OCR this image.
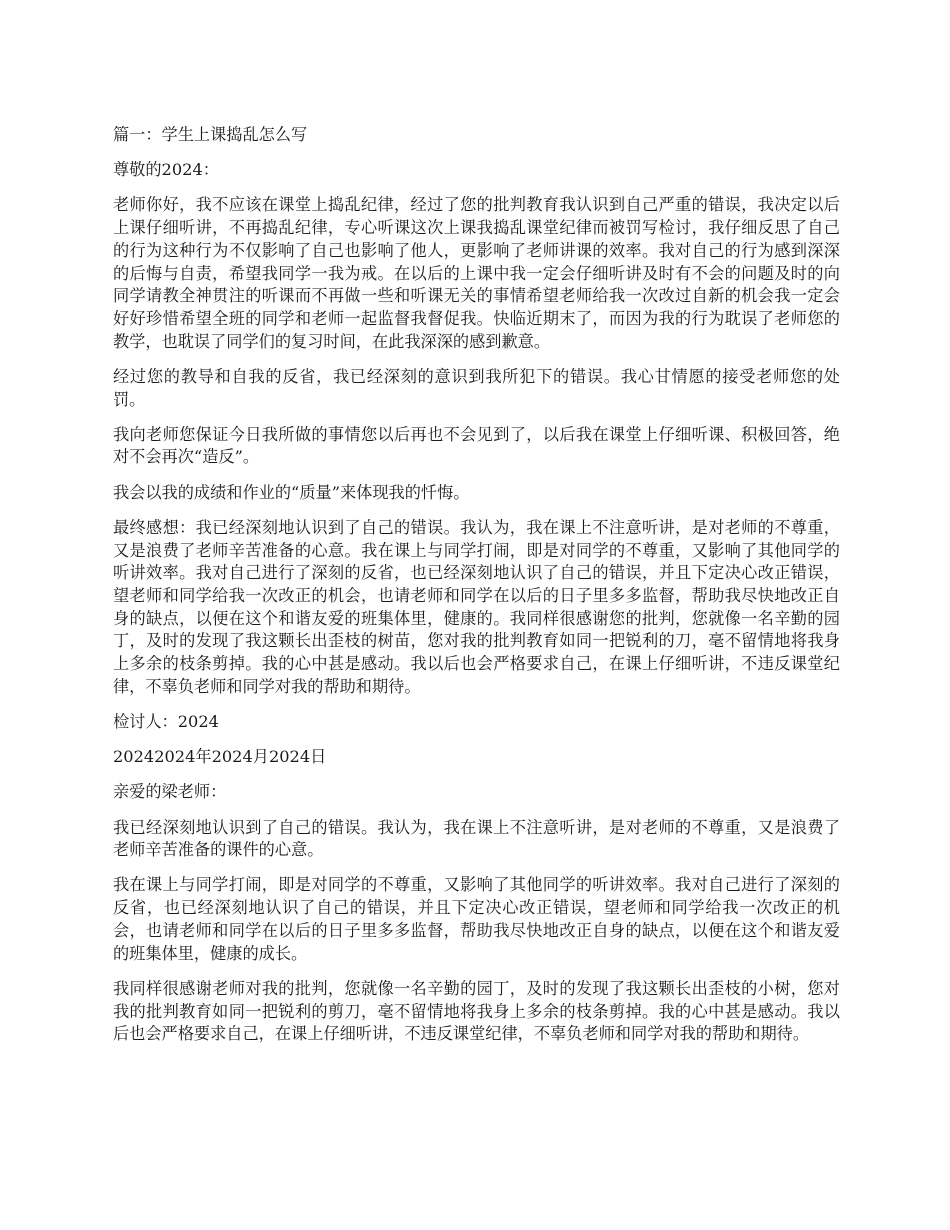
篇一：学生上课捣乱怎么写

尊敬的2024：

老师你好，我不应该在课堂上捣乱纪律，经过了您的批判教育我认识到自己严重的错误，我决定以后上课仔细听讲，不再捣乱纪律，专心听课这次上课我捣乱课堂纪律而被罚写检讨，我仔细反思了自己的行为这种行为不仅影响了自己也影响了他人，更影响了老师讲课的效率。我对自己的行为感到深深的后悔与自责，希望我同学一我为戒。在以后的上课中我一定会仔细听讲及时有不会的问题及时的向同学请教全神贯注的听课而不再做一些和听课无关的事情希望老师给我一次改过自新的机会我一定会好好珍惜希望全班的同学和老师一起监督我督促我。快临近期末了，而因为我的行为耽误了老师您的教学，也耽误了同学们的复习时间，在此我深深的感到歉意。

经过您的教导和自我的反省，我已经深刻的意识到我所犯下的错误。我心甘情愿的接受老师您的处罚。

我向老师您保证今日我所做的事情您以后再也不会见到了，以后我在课堂上仔细听课、积极回答，绝对不会再次“造反”。

我会以我的成绩和作业的“质量”来体现我的忏悔。

最终感想：我已经深刻地认识到了自己的错误。我认为，我在课上不注意听讲，是对老师的不尊重，又是浪费了老师辛苦准备的心意。我在课上与同学打闹，即是对同学的不尊重，又影响了其他同学的听讲效率。我对自己进行了深刻的反省，也已经深刻地认识了自己的错误，并且下定决心改正错误，望老师和同学给我一次改正的机会，也请老师和同学在以后的日子里多多监督，帮助我尽快地改正自身的缺点，以便在这个和谐友爱的班集体里，健康的。我同样很感谢您的批判，您就像一名辛勤的园丁，及时的发现了我这颗长出歪枝的树苗，您对我的批判教育如同一把锐利的刀，毫不留情地将我身上多余的枝条剪掉。我的心中甚是感动。我以后也会严格要求自己，在课上仔细听讲，不违反课堂纪律，不辜负老师和同学对我的帮助和期待。

检讨人：2024

20242024年2024月2024日

亲爱的梁老师：

我已经深刻地认识到了自己的错误。我认为，我在课上不注意听讲，是对老师的不尊重，又是浪费了老师辛苦准备的课件的心意。

我在课上与同学打闹，即是对同学的不尊重，又影响了其他同学的听讲效率。我对自己进行了深刻的反省，也已经深刻地认识了自己的错误，并且下定决心改正错误，望老师和同学给我一次改正的机会，也请老师和同学在以后的日子里多多监督，帮助我尽快地改正自身的缺点，以便在这个和谐友爱的班集体里，健康的成长。

我同样很感谢老师对我的批判，您就像一名辛勤的园丁，及时的发现了我这颗长出歪枝的小树，您对我的批判教育如同一把锐利的剪刀，毫不留情地将我身上多余的枝条剪掉。我的心中甚是感动。我以后也会严格要求自己，在课上仔细听讲，不违反课堂纪律，不辜负老师和同学对我的帮助和期待。
